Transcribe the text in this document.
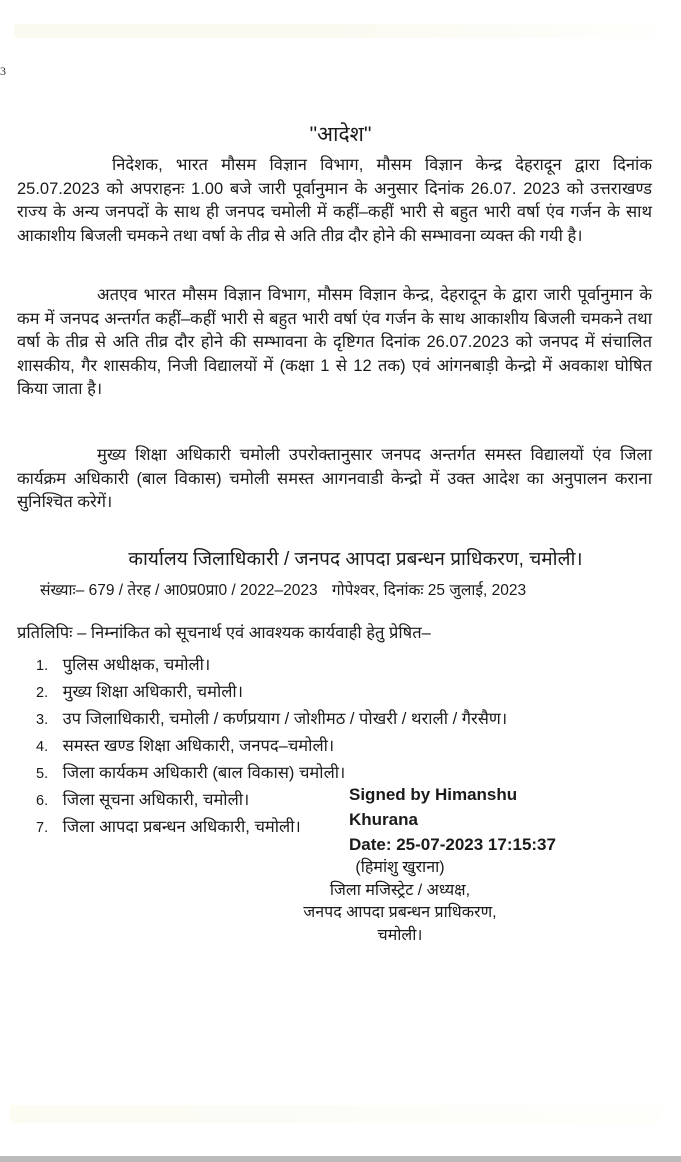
3
"आदेश"
निदेशक, भारत मौसम विज्ञान विभाग, मौसम विज्ञान केन्द्र देहरादून द्वारा दिनांक 25.07.2023 को अपराहनः 1.00 बजे जारी पूर्वानुमान के अनुसार दिनांक 26.07. 2023 को उत्तराखण्ड राज्य के अन्य जनपदों के साथ ही जनपद चमोली में कहीं–कहीं भारी से बहुत भारी वर्षा एंव गर्जन के साथ आकाशीय बिजली चमकने तथा वर्षा के तीव्र से अति तीव्र दौर होने की सम्भावना व्यक्त की गयी है।
अतएव भारत मौसम विज्ञान विभाग, मौसम विज्ञान केन्द्र, देहरादून के द्वारा जारी पूर्वानुमान के कम में जनपद अन्तर्गत कहीं–कहीं भारी से बहुत भारी वर्षा एंव गर्जन के साथ आकाशीय बिजली चमकने तथा वर्षा के तीव्र से अति तीव्र दौर होने की सम्भावना के दृष्टिगत दिनांक 26.07.2023 को जनपद में संचालित शासकीय, गैर शासकीय, निजी विद्यालयों में (कक्षा 1 से 12 तक) एवं आंगनबाड़ी केन्द्रो में अवकाश घोषित किया जाता है।
मुख्य शिक्षा अधिकारी चमोली उपरोक्तानुसार जनपद अन्तर्गत समस्त विद्यालयों एंव जिला कार्यक्रम अधिकारी (बाल विकास) चमोली समस्त आगनवाडी केन्द्रो में उक्त आदेश का अनुपालन कराना सुनिश्चित करेगें।
कार्यालय जिलाधिकारी / जनपद आपदा प्रबन्धन प्राधिकरण, चमोली।
संख्याः– 679 / तेरह / आ0प्र0प्रा0 / 2022–2023 गोपेश्वर, दिनांकः 25 जुलाई, 2023
प्रतिलिपिः – निम्नांकित को सूचनार्थ एवं आवश्यक कार्यवाही हेतु प्रेषित–
1. पुलिस अधीक्षक, चमोली।
2. मुख्य शिक्षा अधिकारी, चमोली।
3. उप जिलाधिकारी, चमोली / कर्णप्रयाग / जोशीमठ / पोखरी / थराली / गैरसैण।
4. समस्त खण्ड शिक्षा अधिकारी, जनपद–चमोली।
5. जिला कार्यकम अधिकारी (बाल विकास) चमोली।
6. जिला सूचना अधिकारी, चमोली।
7. जिला आपदा प्रबन्धन अधिकारी, चमोली।
Signed by Himanshu
Khurana
Date: 25-07-2023 17:15:37
(हिमांशु खुराना)
जिला मजिस्ट्रेट / अध्यक्ष,
जनपद आपदा प्रबन्धन प्राधिकरण,
चमोली।
